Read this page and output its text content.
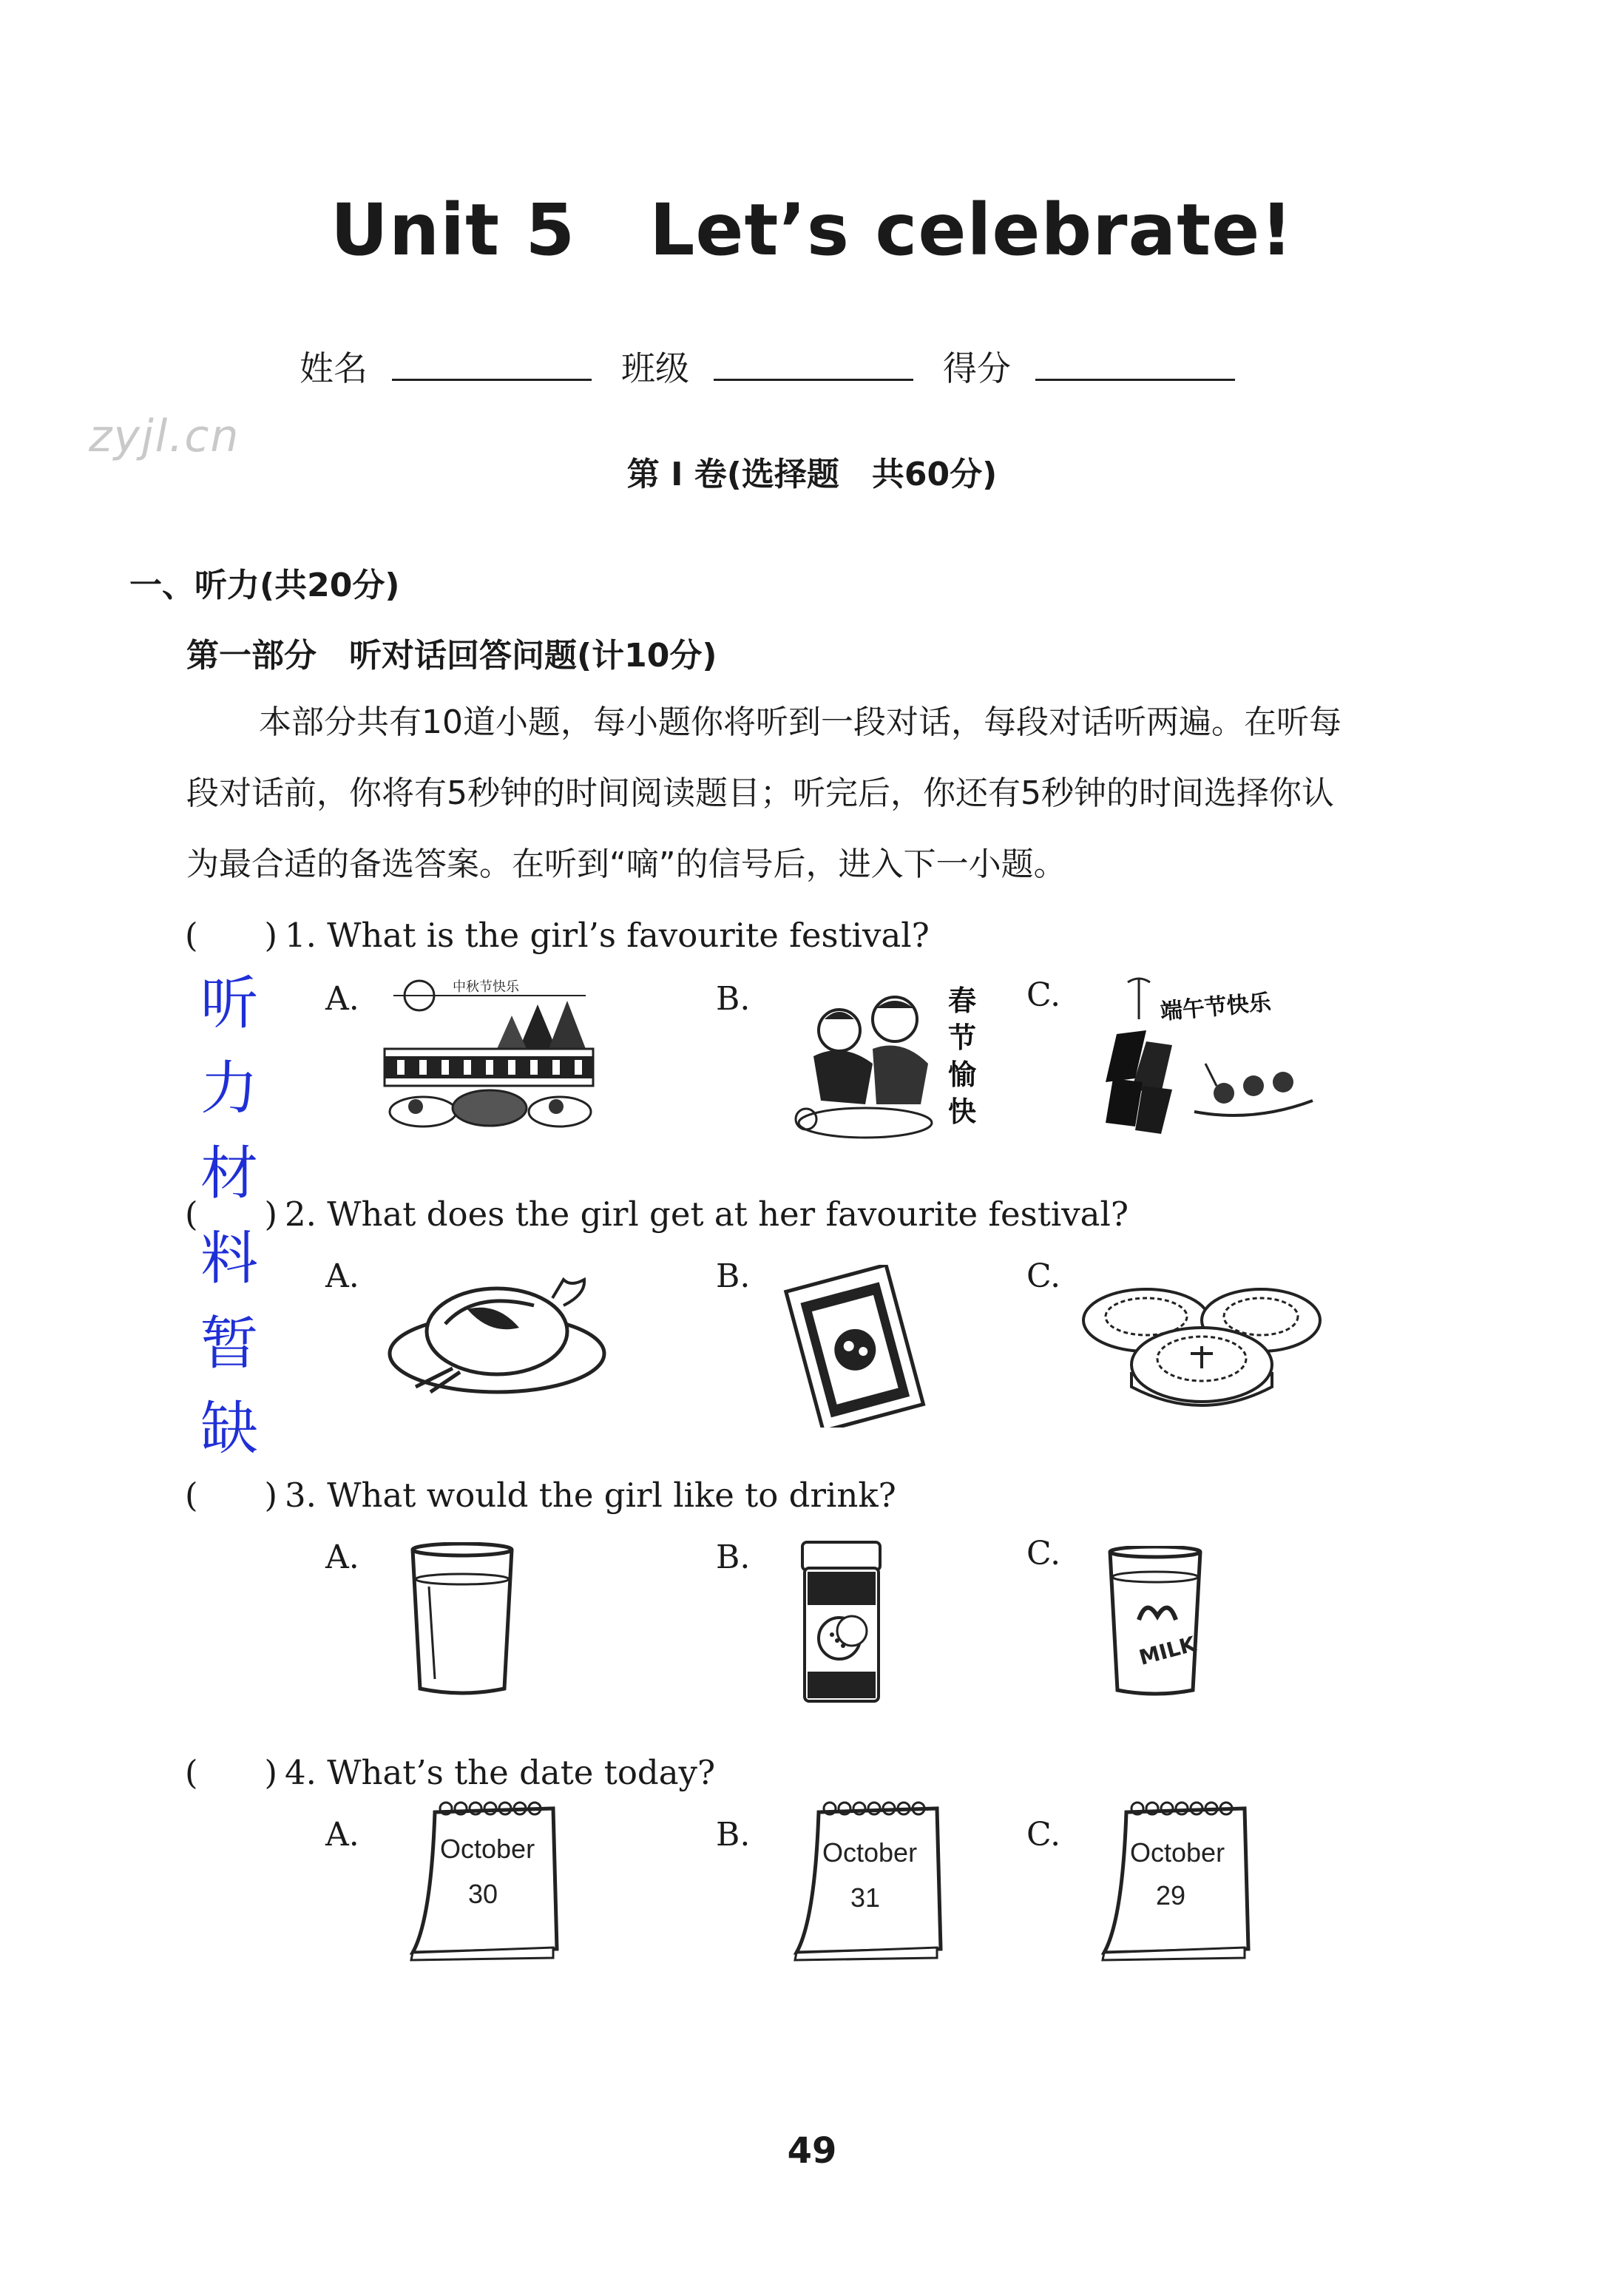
Unit 5 Let’s celebrate!
姓名	班级	得分
zyjl.cn
第 I 卷(选择题　共60分)
一、听力(共20分)
第一部分　听对话回答问题(计10分)
本部分共有10道小题，每小题你将听到一段对话，每段对话听两遍。在听每
段对话前，你将有5秒钟的时间阅读题目；听完后，你还有5秒钟的时间选择你认
为最合适的备选答案。在听到“嘀”的信号后，进入下一小题。
听
力
材
料
暂
缺
(　　) 1. What is the girl’s favourite festival?
A.	B.	C.
中秋节快乐	春
节
愉
快
端午节快乐
(　　) 2. What does the girl get at her favourite festival?
A.	B.	C.
(　　) 3. What would the girl like to drink?
A.	B.	C.
MILK
(　　) 4. What’s the date today?
A.	B.	C.
October
30
October
31
October
29
49
